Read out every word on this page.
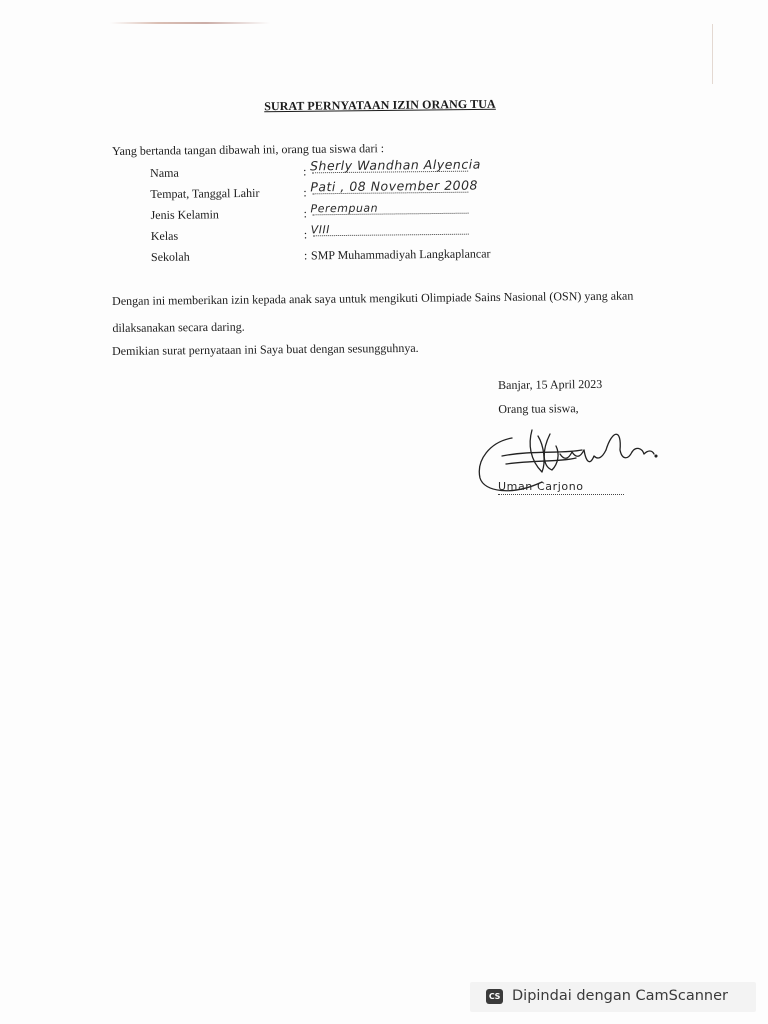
SURAT PERNYATAAN IZIN ORANG TUA
Yang bertanda tangan dibawah ini, orang tua siswa dari :
Nama	: Sherly Wandhan Alyencia
Tempat, Tanggal Lahir	: Pati , 08 November 2008
Jenis Kelamin	: Perempuan
Kelas	: VIII
Sekolah	: SMP Muhammadiyah Langkaplancar
Dengan ini memberikan izin kepada anak saya untuk mengikuti Olimpiade Sains Nasional (OSN) yang akan dilaksanakan secara daring.
Demikian surat pernyataan ini Saya buat dengan sesungguhnya.
Banjar, 15 April 2023
Orang tua siswa,
Uman Carjono
CS Dipindai dengan CamScanner
